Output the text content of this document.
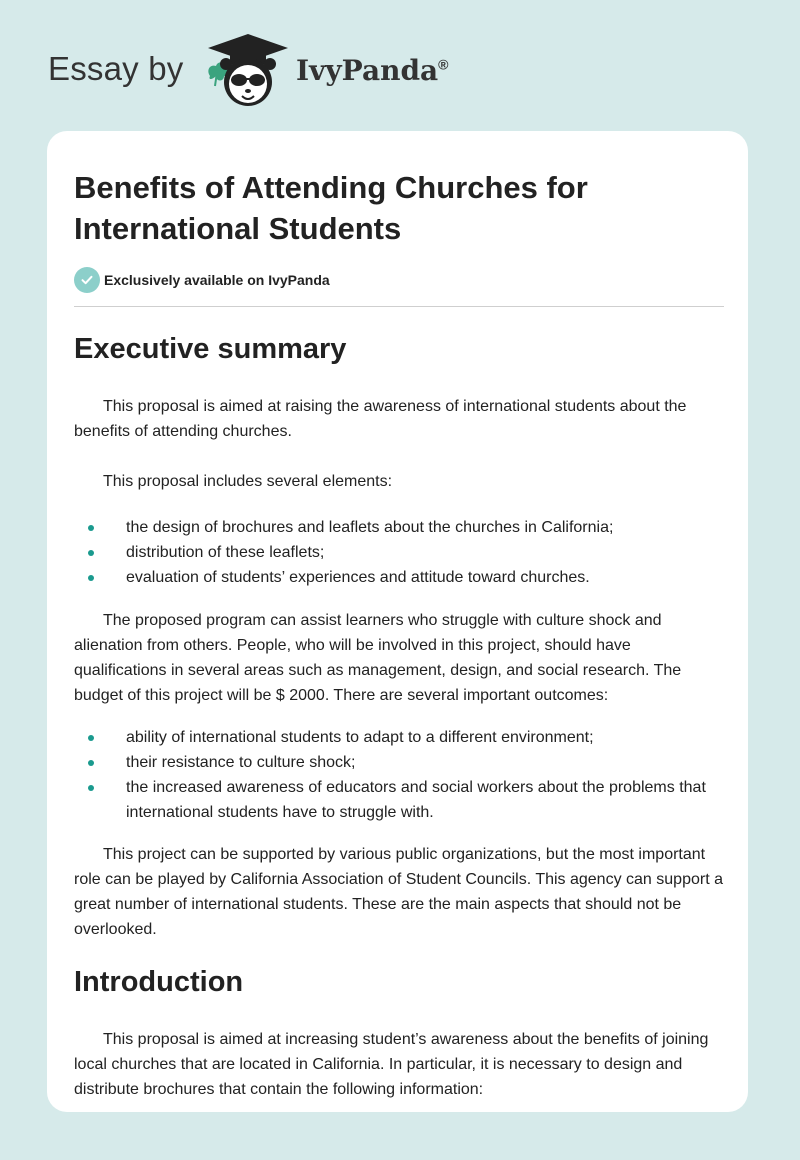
Essay by	IvyPanda®
Benefits of Attending Churches for International Students
Exclusively available on IvyPanda
Executive summary

This proposal is aimed at raising the awareness of international students about the benefits of attending churches.

This proposal includes several elements:

the design of brochures and leaflets about the churches in California;
distribution of these leaflets;
evaluation of students’ experiences and attitude toward churches.

The proposed program can assist learners who struggle with culture shock and alienation from others. People, who will be involved in this project, should have qualifications in several areas such as management, design, and social research. The budget of this project will be $ 2000. There are several important outcomes:

ability of international students to adapt to a different environment;
their resistance to culture shock;
the increased awareness of educators and social workers about the problems that international students have to struggle with.

This project can be supported by various public organizations, but the most important role can be played by California Association of Student Councils. This agency can support a great number of international students. These are the main aspects that should not be overlooked.

Introduction

This proposal is aimed at increasing student’s awareness about the benefits of joining local churches that are located in California. In particular, it is necessary to design and distribute brochures that contain the following information:
